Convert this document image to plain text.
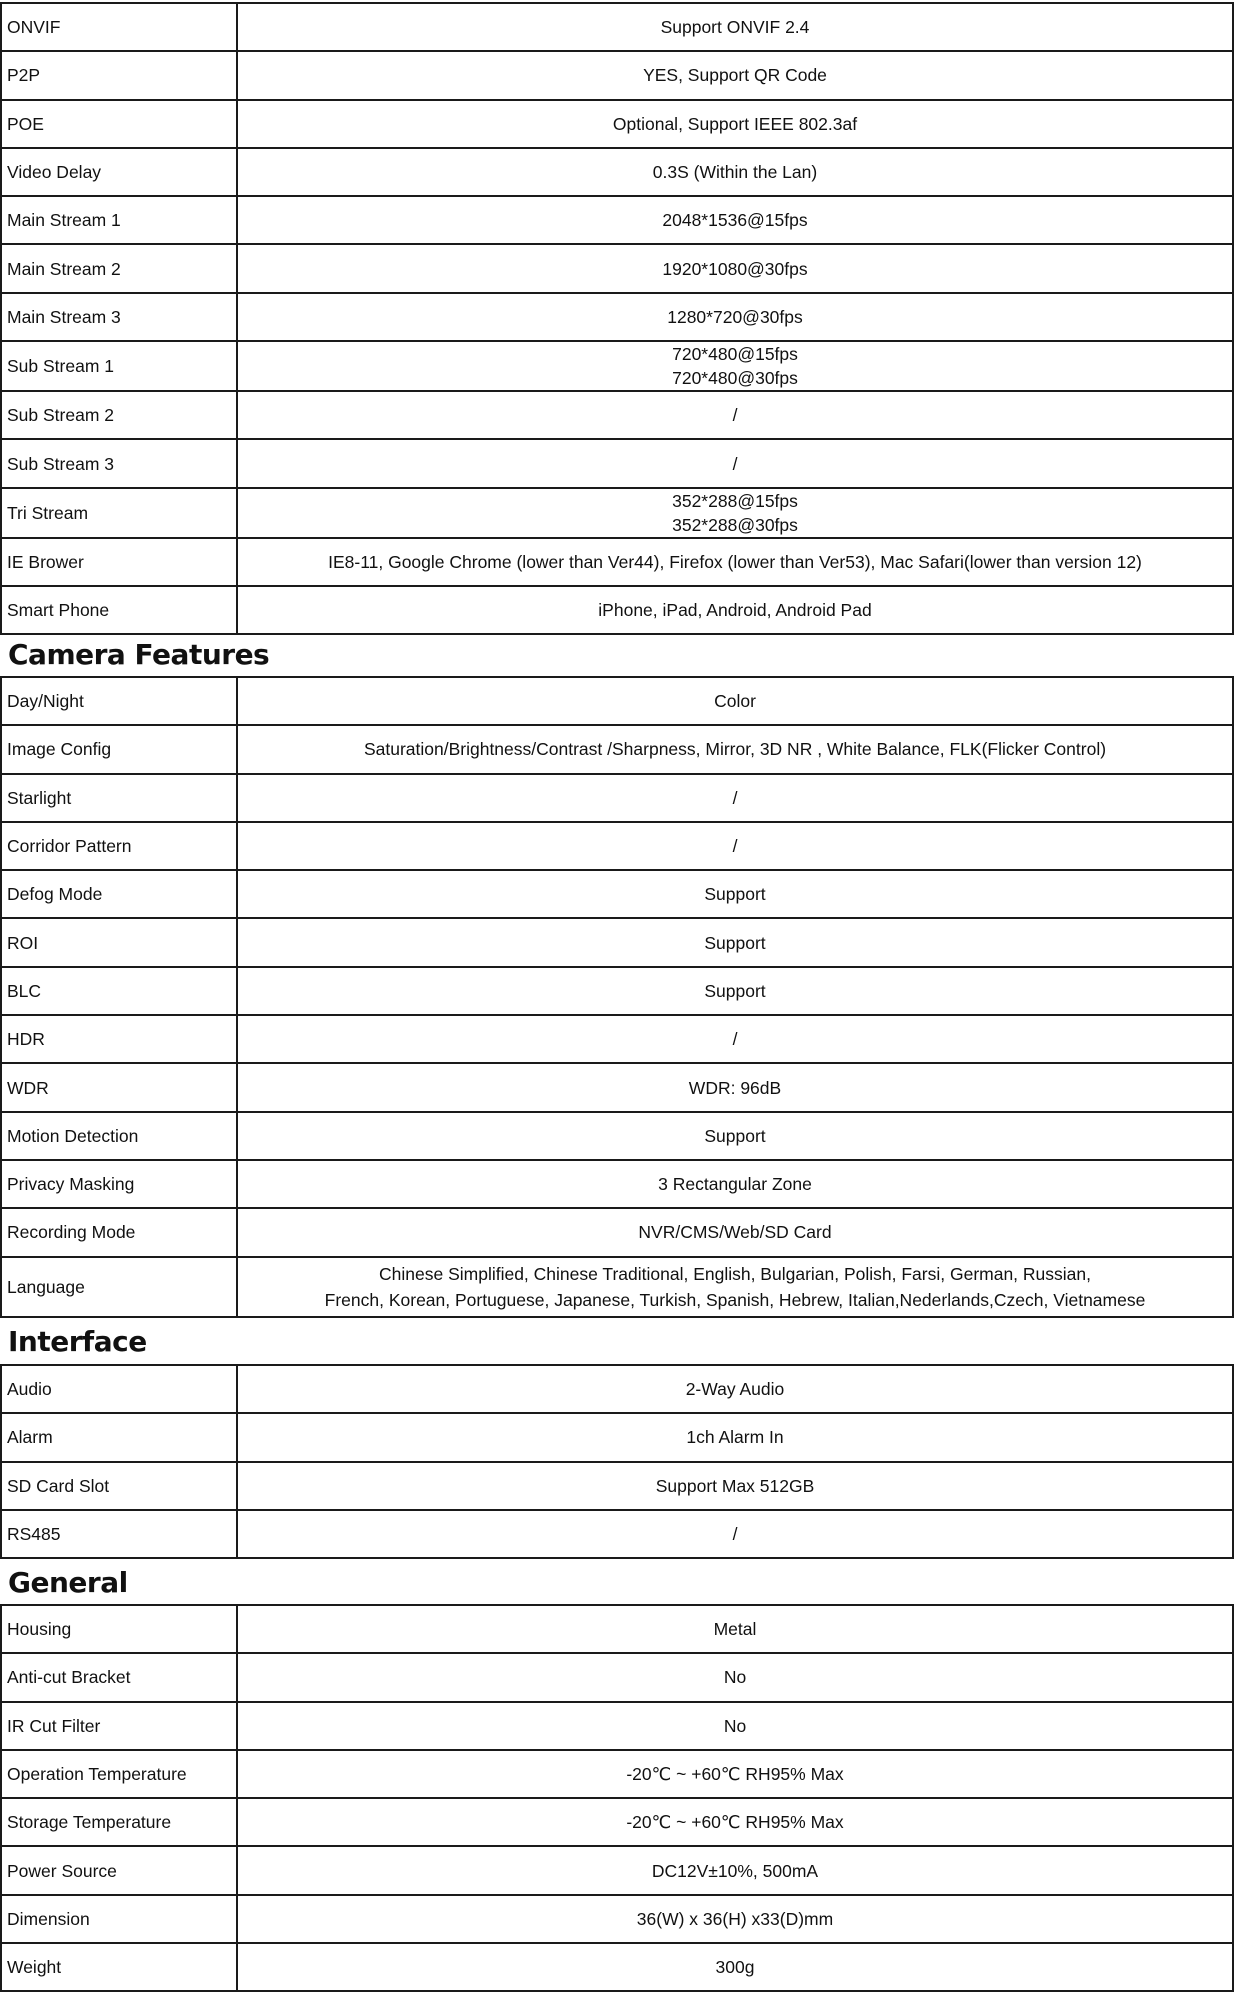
ONVIF	Support ONVIF 2.4

P2P	YES, Support QR Code

POE	Optional, Support IEEE 802.3af

Video Delay	0.3S (Within the Lan)

Main Stream 1	2048*1536@15fps

Main Stream 2	1920*1080@30fps

Main Stream 3	1280*720@30fps

Sub Stream 1	720*480@15fps
720*480@30fps

Sub Stream 2	/

Sub Stream 3	/

Tri Stream	352*288@15fps
352*288@30fps

IE Brower	IE8-11, Google Chrome (lower than Ver44), Firefox (lower than Ver53), Mac Safari(lower than version 12)

Smart Phone	iPhone, iPad, Android, Android Pad
Camera Features
Day/Night	Color

Image Config	Saturation/Brightness/Contrast /Sharpness, Mirror, 3D NR , White Balance, FLK(Flicker Control)

Starlight	/

Corridor Pattern	/

Defog Mode	Support

ROI	Support

BLC	Support

HDR	/

WDR	WDR: 96dB

Motion Detection	Support

Privacy Masking	3 Rectangular Zone

Recording Mode	NVR/CMS/Web/SD Card

Language	Chinese Simplified, Chinese Traditional, English, Bulgarian, Polish, Farsi, German, Russian,
French, Korean, Portuguese, Japanese, Turkish, Spanish, Hebrew, Italian,Nederlands,Czech, Vietnamese
Interface
Audio	2-Way Audio

Alarm	1ch Alarm In

SD Card Slot	Support Max 512GB

RS485	/
General
Housing	Metal

Anti-cut Bracket	No

IR Cut Filter	No

Operation Temperature	-20℃ ~ +60℃ RH95% Max

Storage Temperature	-20℃ ~ +60℃ RH95% Max

Power Source	DC12V±10%, 500mA

Dimension	36(W) x 36(H) x33(D)mm

Weight	300g
